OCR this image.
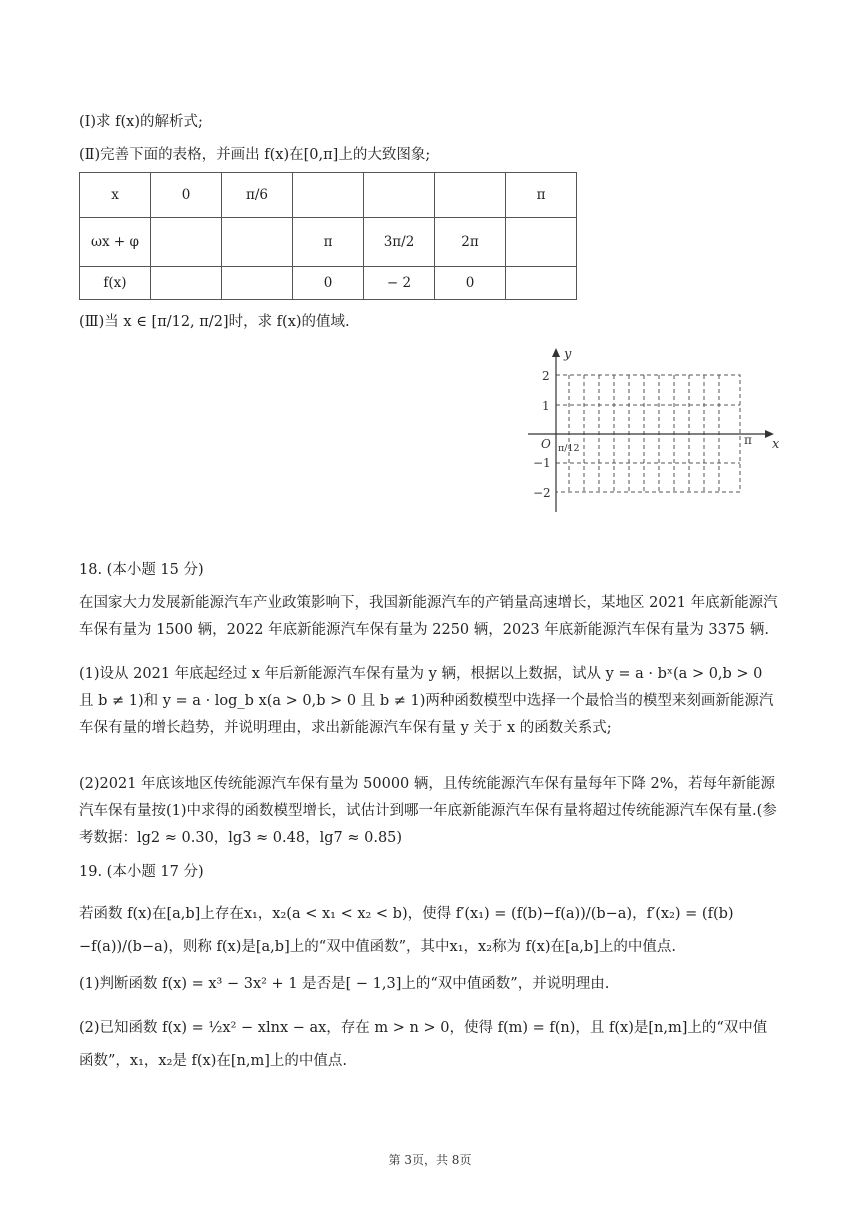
(Ⅰ)求 f(x)的解析式;
(Ⅱ)完善下面的表格，并画出 f(x)在[0,π]上的大致图象;
x	0	π/6				π
ωx + φ			π	3π/2	2π	
f(x)			0	− 2	0	
(Ⅲ)当 x ∈ [π/12, π/2]时，求 f(x)的值域.
y
x
O
2
1
−1
−2
π/12
π
18. (本小题 15 分)
在国家大力发展新能源汽车产业政策影响下，我国新能源汽车的产销量高速增长，某地区 2021 年底新能源汽车保有量为 1500 辆，2022 年底新能源汽车保有量为 2250 辆，2023 年底新能源汽车保有量为 3375 辆.
(1)设从 2021 年底起经过 x 年后新能源汽车保有量为 y 辆，根据以上数据，试从 y = a · bˣ(a > 0,b > 0 且 b ≠ 1)和 y = a · log_b x(a > 0,b > 0 且 b ≠ 1)两种函数模型中选择一个最恰当的模型来刻画新能源汽车保有量的增长趋势，并说明理由，求出新能源汽车保有量 y 关于 x 的函数关系式;
(2)2021 年底该地区传统能源汽车保有量为 50000 辆，且传统能源汽车保有量每年下降 2%，若每年新能源汽车保有量按(1)中求得的函数模型增长，试估计到哪一年底新能源汽车保有量将超过传统能源汽车保有量.(参考数据：lg2 ≈ 0.30，lg3 ≈ 0.48，lg7 ≈ 0.85)
19. (本小题 17 分)
若函数 f(x)在[a,b]上存在x₁，x₂(a < x₁ < x₂ < b)，使得 f′(x₁) = (f(b)−f(a))/(b−a)，f′(x₂) = (f(b)−f(a))/(b−a)，则称 f(x)是[a,b]上的“双中值函数”，其中x₁，x₂称为 f(x)在[a,b]上的中值点.
(1)判断函数 f(x) = x³ − 3x² + 1 是否是[ − 1,3]上的“双中值函数”，并说明理由.
(2)已知函数 f(x) = ½x² − xlnx − ax，存在 m > n > 0，使得 f(m) = f(n)，且 f(x)是[n,m]上的“双中值函数”，x₁，x₂是 f(x)在[n,m]上的中值点.
第 3页，共 8页
